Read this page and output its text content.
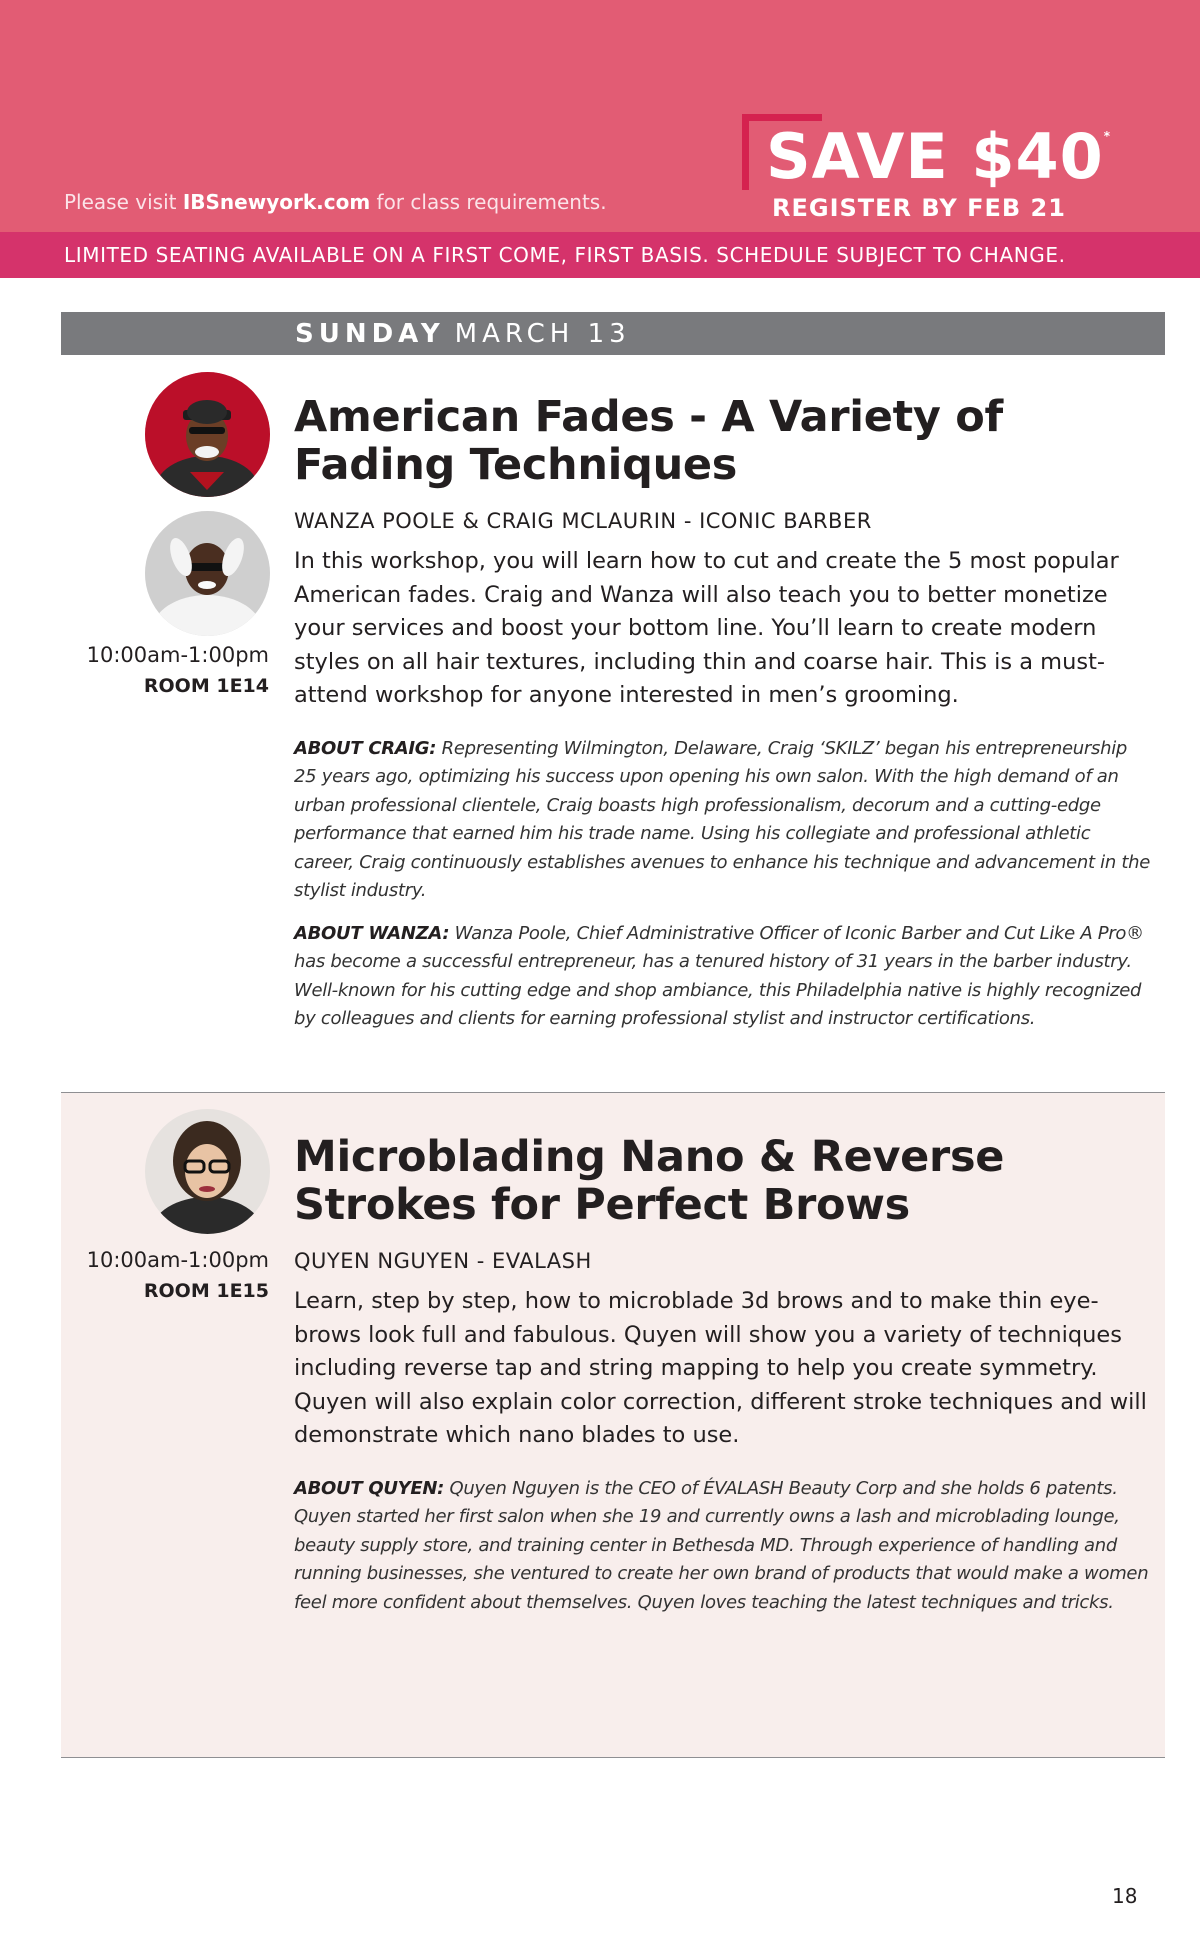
Please visit IBSnewyork.com for class requirements.
SAVE $40*
REGISTER BY FEB 21
LIMITED SEATING AVAILABLE ON A FIRST COME, FIRST BASIS. SCHEDULE SUBJECT TO CHANGE.
SUNDAY MARCH 13
10:00am-1:00pm
ROOM 1E14
American Fades - A Variety of Fading Techniques
WANZA POOLE & CRAIG MCLAURIN - ICONIC BARBER
In this workshop, you will learn how to cut and create the 5 most popular American fades. Craig and Wanza will also teach you to better monetize your services and boost your bottom line. You’ll learn to create modern styles on all hair textures, including thin and coarse hair. This is a must-attend workshop for anyone interested in men’s grooming.
ABOUT CRAIG: Representing Wilmington, Delaware, Craig ‘SKILZ’ began his entrepreneurship 25 years ago, optimizing his success upon opening his own salon. With the high demand of an urban professional clientele, Craig boasts high professionalism, decorum and a cutting-edge performance that earned him his trade name. Using his collegiate and professional athletic career, Craig continuously establishes avenues to enhance his technique and advancement in the stylist industry.
ABOUT WANZA: Wanza Poole, Chief Administrative Officer of Iconic Barber and Cut Like A Pro® has become a successful entrepreneur, has a tenured history of 31 years in the barber industry. Well-known for his cutting edge and shop ambiance, this Philadelphia native is highly recognized by colleagues and clients for earning professional stylist and instructor certifications.
10:00am-1:00pm
ROOM 1E15
Microblading Nano & Reverse Strokes for Perfect Brows
QUYEN NGUYEN - EVALASH
Learn, step by step, how to microblade 3d brows and to make thin eye-brows look full and fabulous. Quyen will show you a variety of techniques including reverse tap and string mapping to help you create symmetry. Quyen will also explain color correction, different stroke techniques and will demonstrate which nano blades to use.
ABOUT QUYEN: Quyen Nguyen is the CEO of ÉVALASH Beauty Corp and she holds 6 patents. Quyen started her first salon when she 19 and currently owns a lash and microblading lounge, beauty supply store, and training center in Bethesda MD. Through experience of handling and running businesses, she ventured to create her own brand of products that would make a women feel more confident about themselves. Quyen loves teaching the latest techniques and tricks.
18
